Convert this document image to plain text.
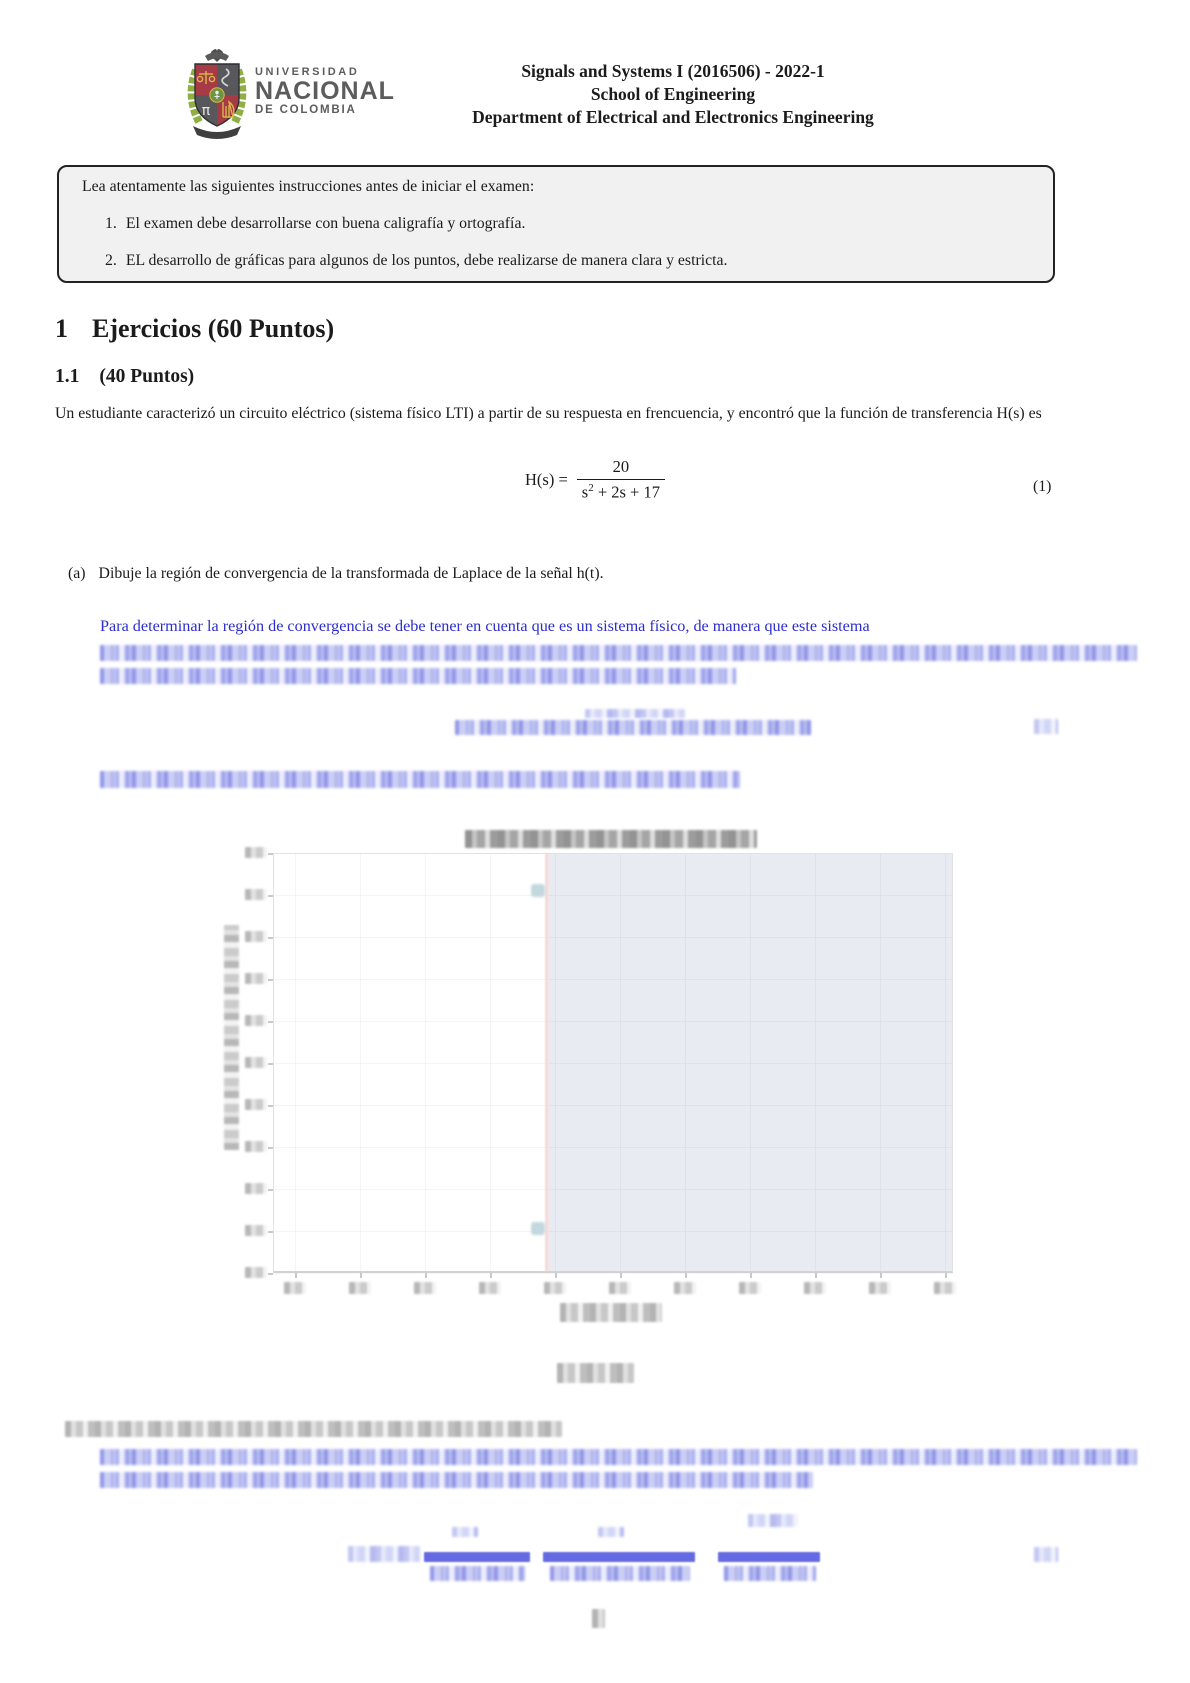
π
UNIVERSIDAD
NACIONAL
DE COLOMBIA
Signals and Systems I (2016506) - 2022-1
School of Engineering
Department of Electrical and Electronics Engineering
Lea atentamente las siguientes instrucciones antes de iniciar el examen:
1. El examen debe desarrollarse con buena caligrafía y ortografía.
2. EL desarrollo de gráficas para algunos de los puntos, debe realizarse de manera clara y estricta.
1 Ejercicios (60 Puntos)
1.1 (40 Puntos)
Un estudiante caracterizó un circuito eléctrico (sistema físico LTI) a partir de su respuesta en frencuencia, y encontró que la función de transferencia H(s) es
$H(s) = \frac{20}{s^2 + 2s + 17}$	(1)
(a) Dibuje la región de convergencia de la transformada de Laplace de la señal h(t).
Para determinar la región de convergencia se debe tener en cuenta que es un sistema físico, de manera que este sistema
